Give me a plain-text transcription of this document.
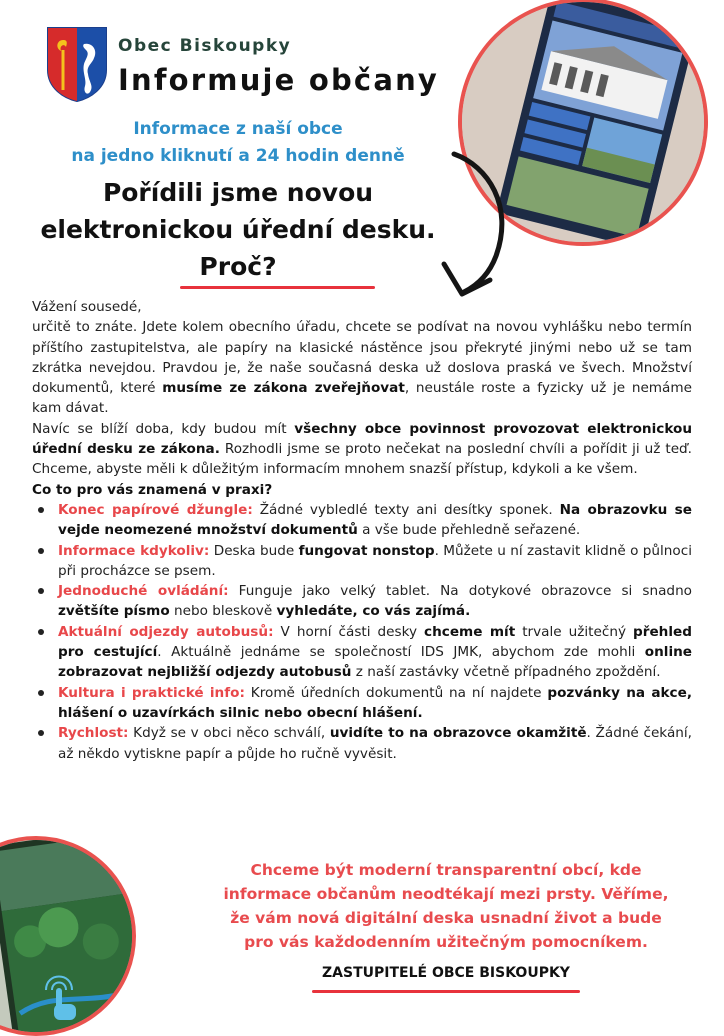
Obec Biskoupky
Informuje občany
Informace z naší obce
na jedno kliknutí a 24 hodin denně
Pořídili jsme novou
elektronickou úřední desku.
Proč?

Vážení sousedé,

určitě to znáte. Jdete kolem obecního úřadu, chcete se podívat na novou vyhlášku nebo termín příštího zastupitelstva, ale papíry na klasické nástěnce jsou překryté jinými nebo už se tam zkrátka nevejdou. Pravdou je, že naše současná deska už doslova praská ve švech. Množství dokumentů, které musíme ze zákona zveřejňovat, neustále roste a fyzicky už je nemáme kam dávat.

Navíc se blíží doba, kdy budou mít všechny obce povinnost provozovat elektronickou úřední desku ze zákona. Rozhodli jsme se proto nečekat na poslední chvíli a pořídit ji už teď. Chceme, abyste měli k důležitým informacím mnohem snazší přístup, kdykoli a ke všem.

Co to pro vás znamená v praxi?

Konec papírové džungle: Žádné vybledlé texty ani desítky sponek. Na obrazovku se vejde neomezené množství dokumentů a vše bude přehledně seřazené.
Informace kdykoliv: Deska bude fungovat nonstop. Můžete u ní zastavit klidně o půlnoci při procházce se psem.
Jednoduché ovládání: Funguje jako velký tablet. Na dotykové obrazovce si snadno zvětšíte písmo nebo bleskově vyhledáte, co vás zajímá.
Aktuální odjezdy autobusů: V horní části desky chceme mít trvale užitečný přehled pro cestující. Aktuálně jednáme se společností IDS JMK, abychom zde mohli online zobrazovat nejbližší odjezdy autobusů z naší zastávky včetně případného zpoždění.
Kultura i praktické info: Kromě úředních dokumentů na ní najdete pozvánky na akce, hlášení o uzavírkách silnic nebo obecní hlášení.
Rychlost: Když se v obci něco schválí, uvidíte to na obrazovce okamžitě. Žádné čekání, až někdo vytiskne papír a půjde ho ručně vyvěsit.
Chceme být moderní transparentní obcí, kde
informace občanům neodtékají mezi prsty. Věříme,
že vám nová digitální deska usnadní život a bude
pro vás každodenním užitečným pomocníkem.
ZASTUPITELÉ OBCE BISKOUPKY
